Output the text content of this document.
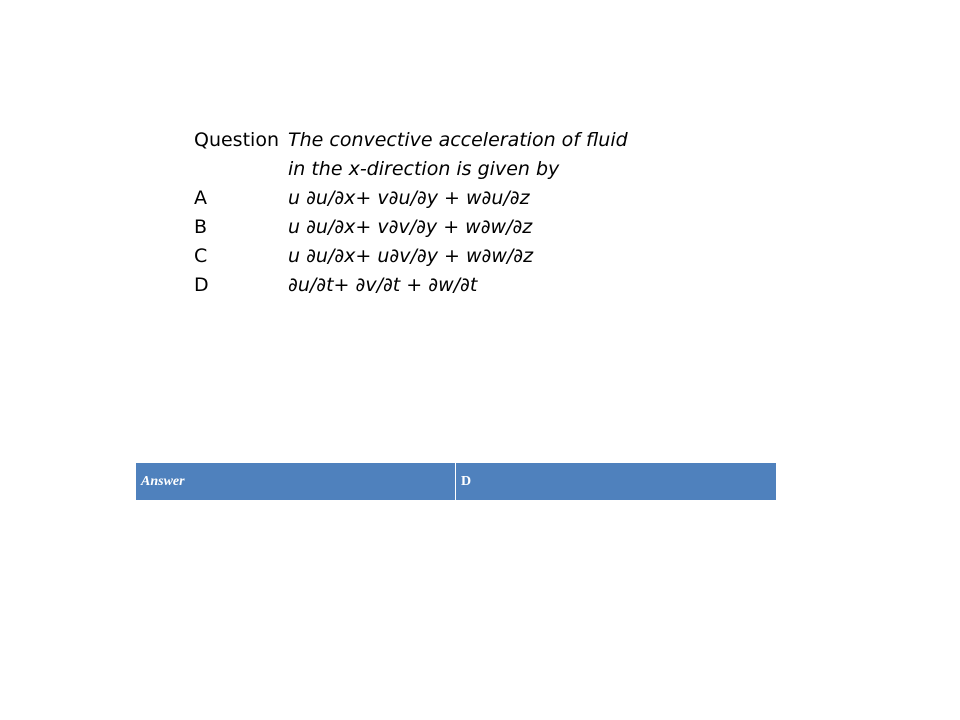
Question	The convective acceleration of fluid
	in the x-direction is given by
A	u ∂u/∂x+ v∂u/∂y + w∂u/∂z
B	u ∂u/∂x+ v∂v/∂y + w∂w/∂z
C	u ∂u/∂x+ u∂v/∂y + w∂w/∂z
D	∂u/∂t+ ∂v/∂t + ∂w/∂t
Answer	D
